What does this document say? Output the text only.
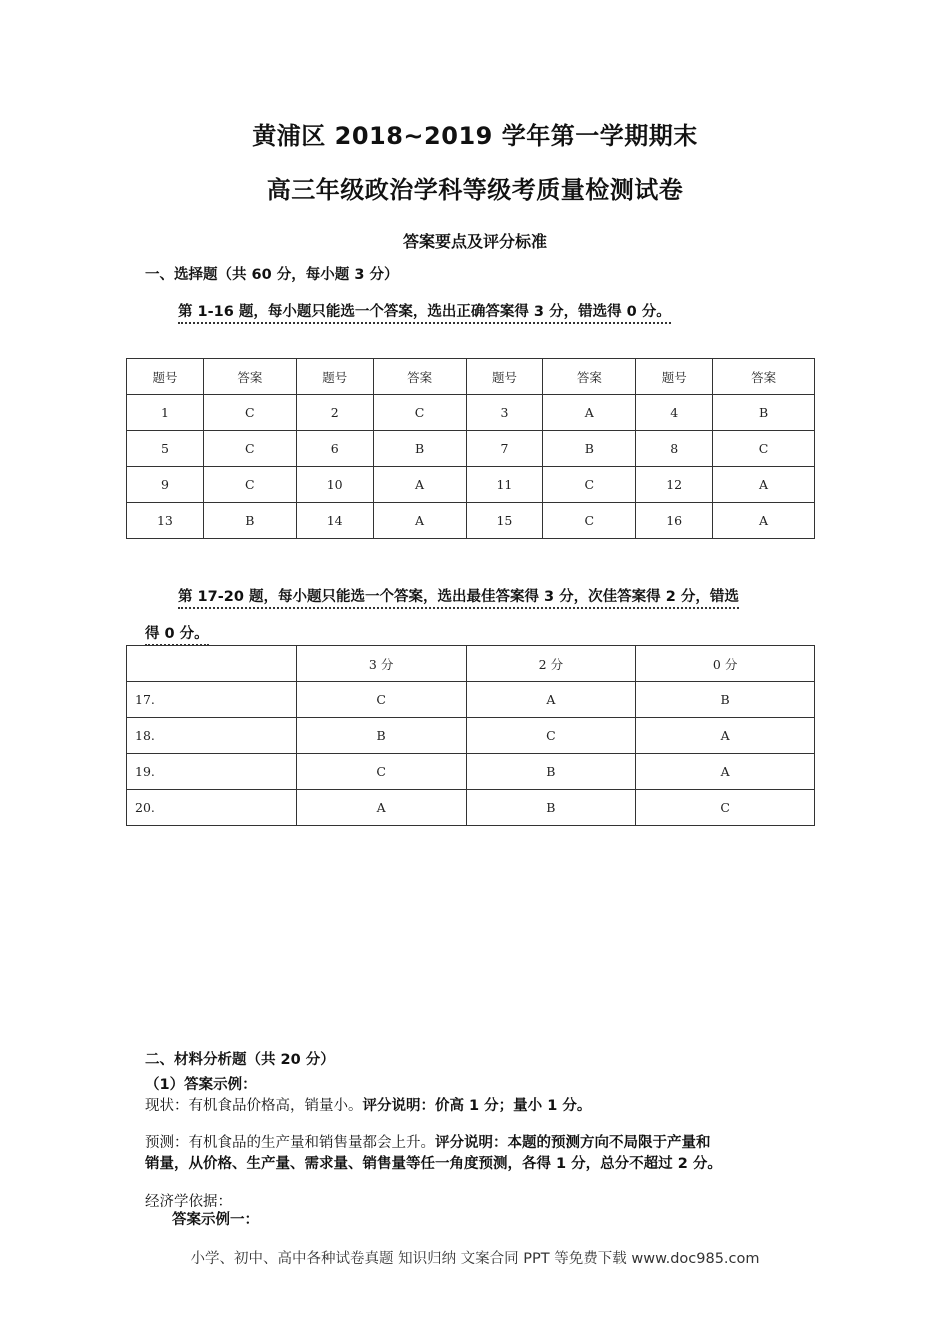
黄浦区 2018~2019 学年第一学期期末
高三年级政治学科等级考质量检测试卷
答案要点及评分标准
一、选择题（共 60 分，每小题 3 分）
第 1-16 题，每小题只能选一个答案，选出正确答案得 3 分，错选得 0 分。
题号	答案	题号	答案	题号	答案	题号	答案
1	C	2	C	3	A	4	B
5	C	6	B	7	B	8	C
9	C	10	A	11	C	12	A
13	B	14	A	15	C	16	A
第 17-20 题，每小题只能选一个答案，选出最佳答案得 3 分，次佳答案得 2 分，错选
得 0 分。
	3 分	2 分	0 分
17.	C	A	B
18.	B	C	A
19.	C	B	A
20.	A	B	C
二、材料分析题（共 20 分）
（1）答案示例：
现状：有机食品价格高，销量小。评分说明：价高 1 分；量小 1 分。
预测：有机食品的生产量和销售量都会上升。评分说明：本题的预测方向不局限于产量和
销量，从价格、生产量、需求量、销售量等任一角度预测，各得 1 分，总分不超过 2 分。
经济学依据：
答案示例一：
小学、初中、高中各种试卷真题 知识归纳 文案合同 PPT 等免费下载 www.doc985.com
